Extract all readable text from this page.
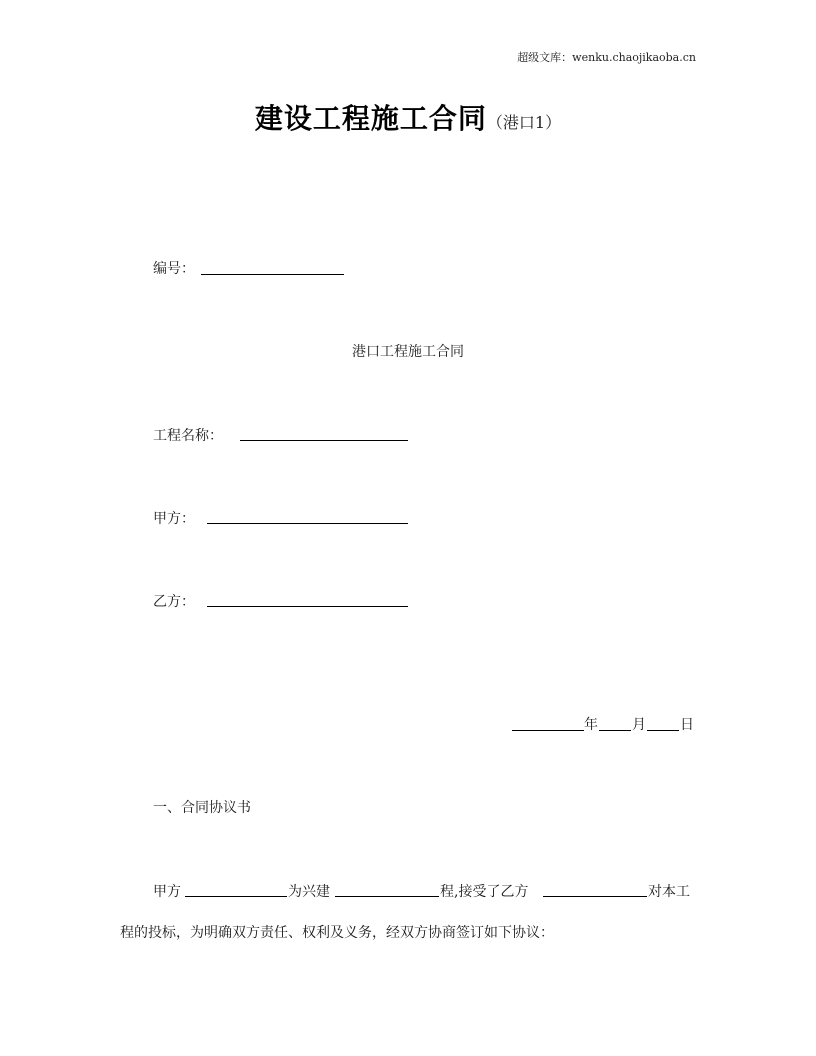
超级文库：wenku.chaojikaoba.cn
建设工程施工合同（港口1）
编号：
港口工程施工合同
工程名称：
甲方：
乙方：
年 月 日
一、合同协议书
甲方	为兴建	程,接受了乙方	对本工
程的投标，为明确双方责任、权利及义务，经双方协商签订如下协议：
